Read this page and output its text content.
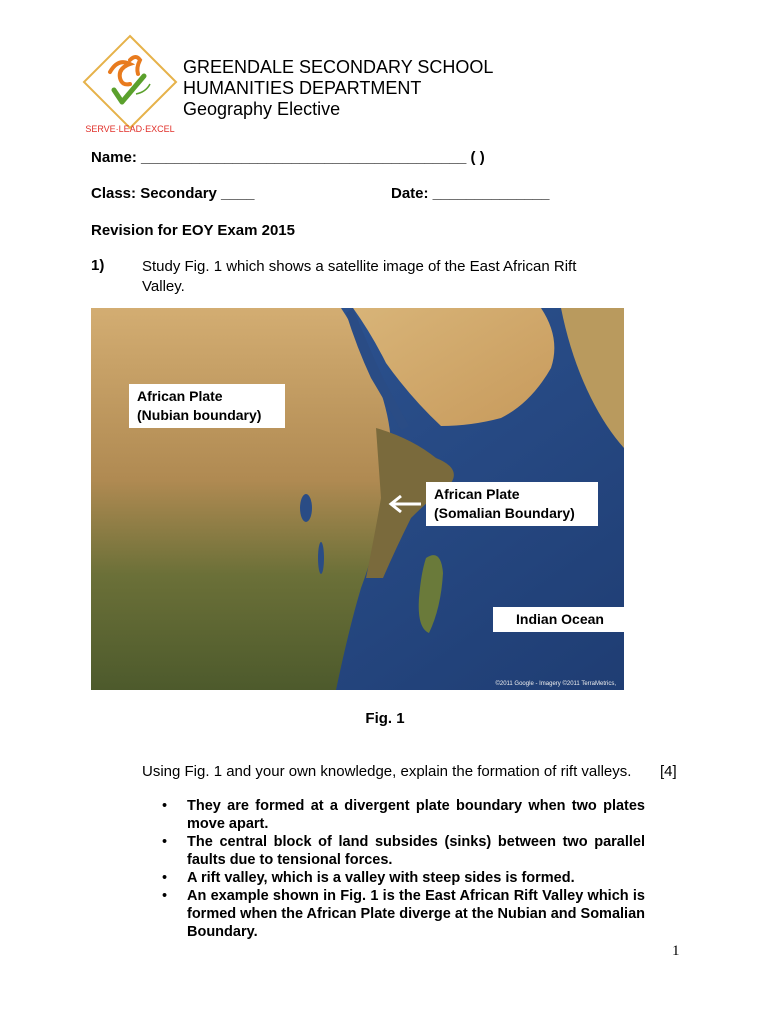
SERVE·LEAD·EXCEL
GREENDALE SECONDARY SCHOOL
HUMANITIES DEPARTMENT
Geography Elective
Name: _______________________________________ ( )
Class: Secondary ____	Date: ______________
Revision for EOY Exam 2015
1)	Study Fig. 1 which shows a satellite image of the East African Rift Valley.
African Plate
(Nubian boundary)
African Plate
(Somalian Boundary)
Indian Ocean
©2011 Google - Imagery ©2011 TerraMetrics,
Fig. 1
Using Fig. 1 and your own knowledge, explain the formation of rift valleys. [4]
• They are formed at a divergent plate boundary when two plates move apart.
• The central block of land subsides (sinks) between two parallel faults due to tensional forces.
• A rift valley, which is a valley with steep sides is formed.
• An example shown in Fig. 1 is the East African Rift Valley which is formed when the African Plate diverge at the Nubian and Somalian Boundary.
1
